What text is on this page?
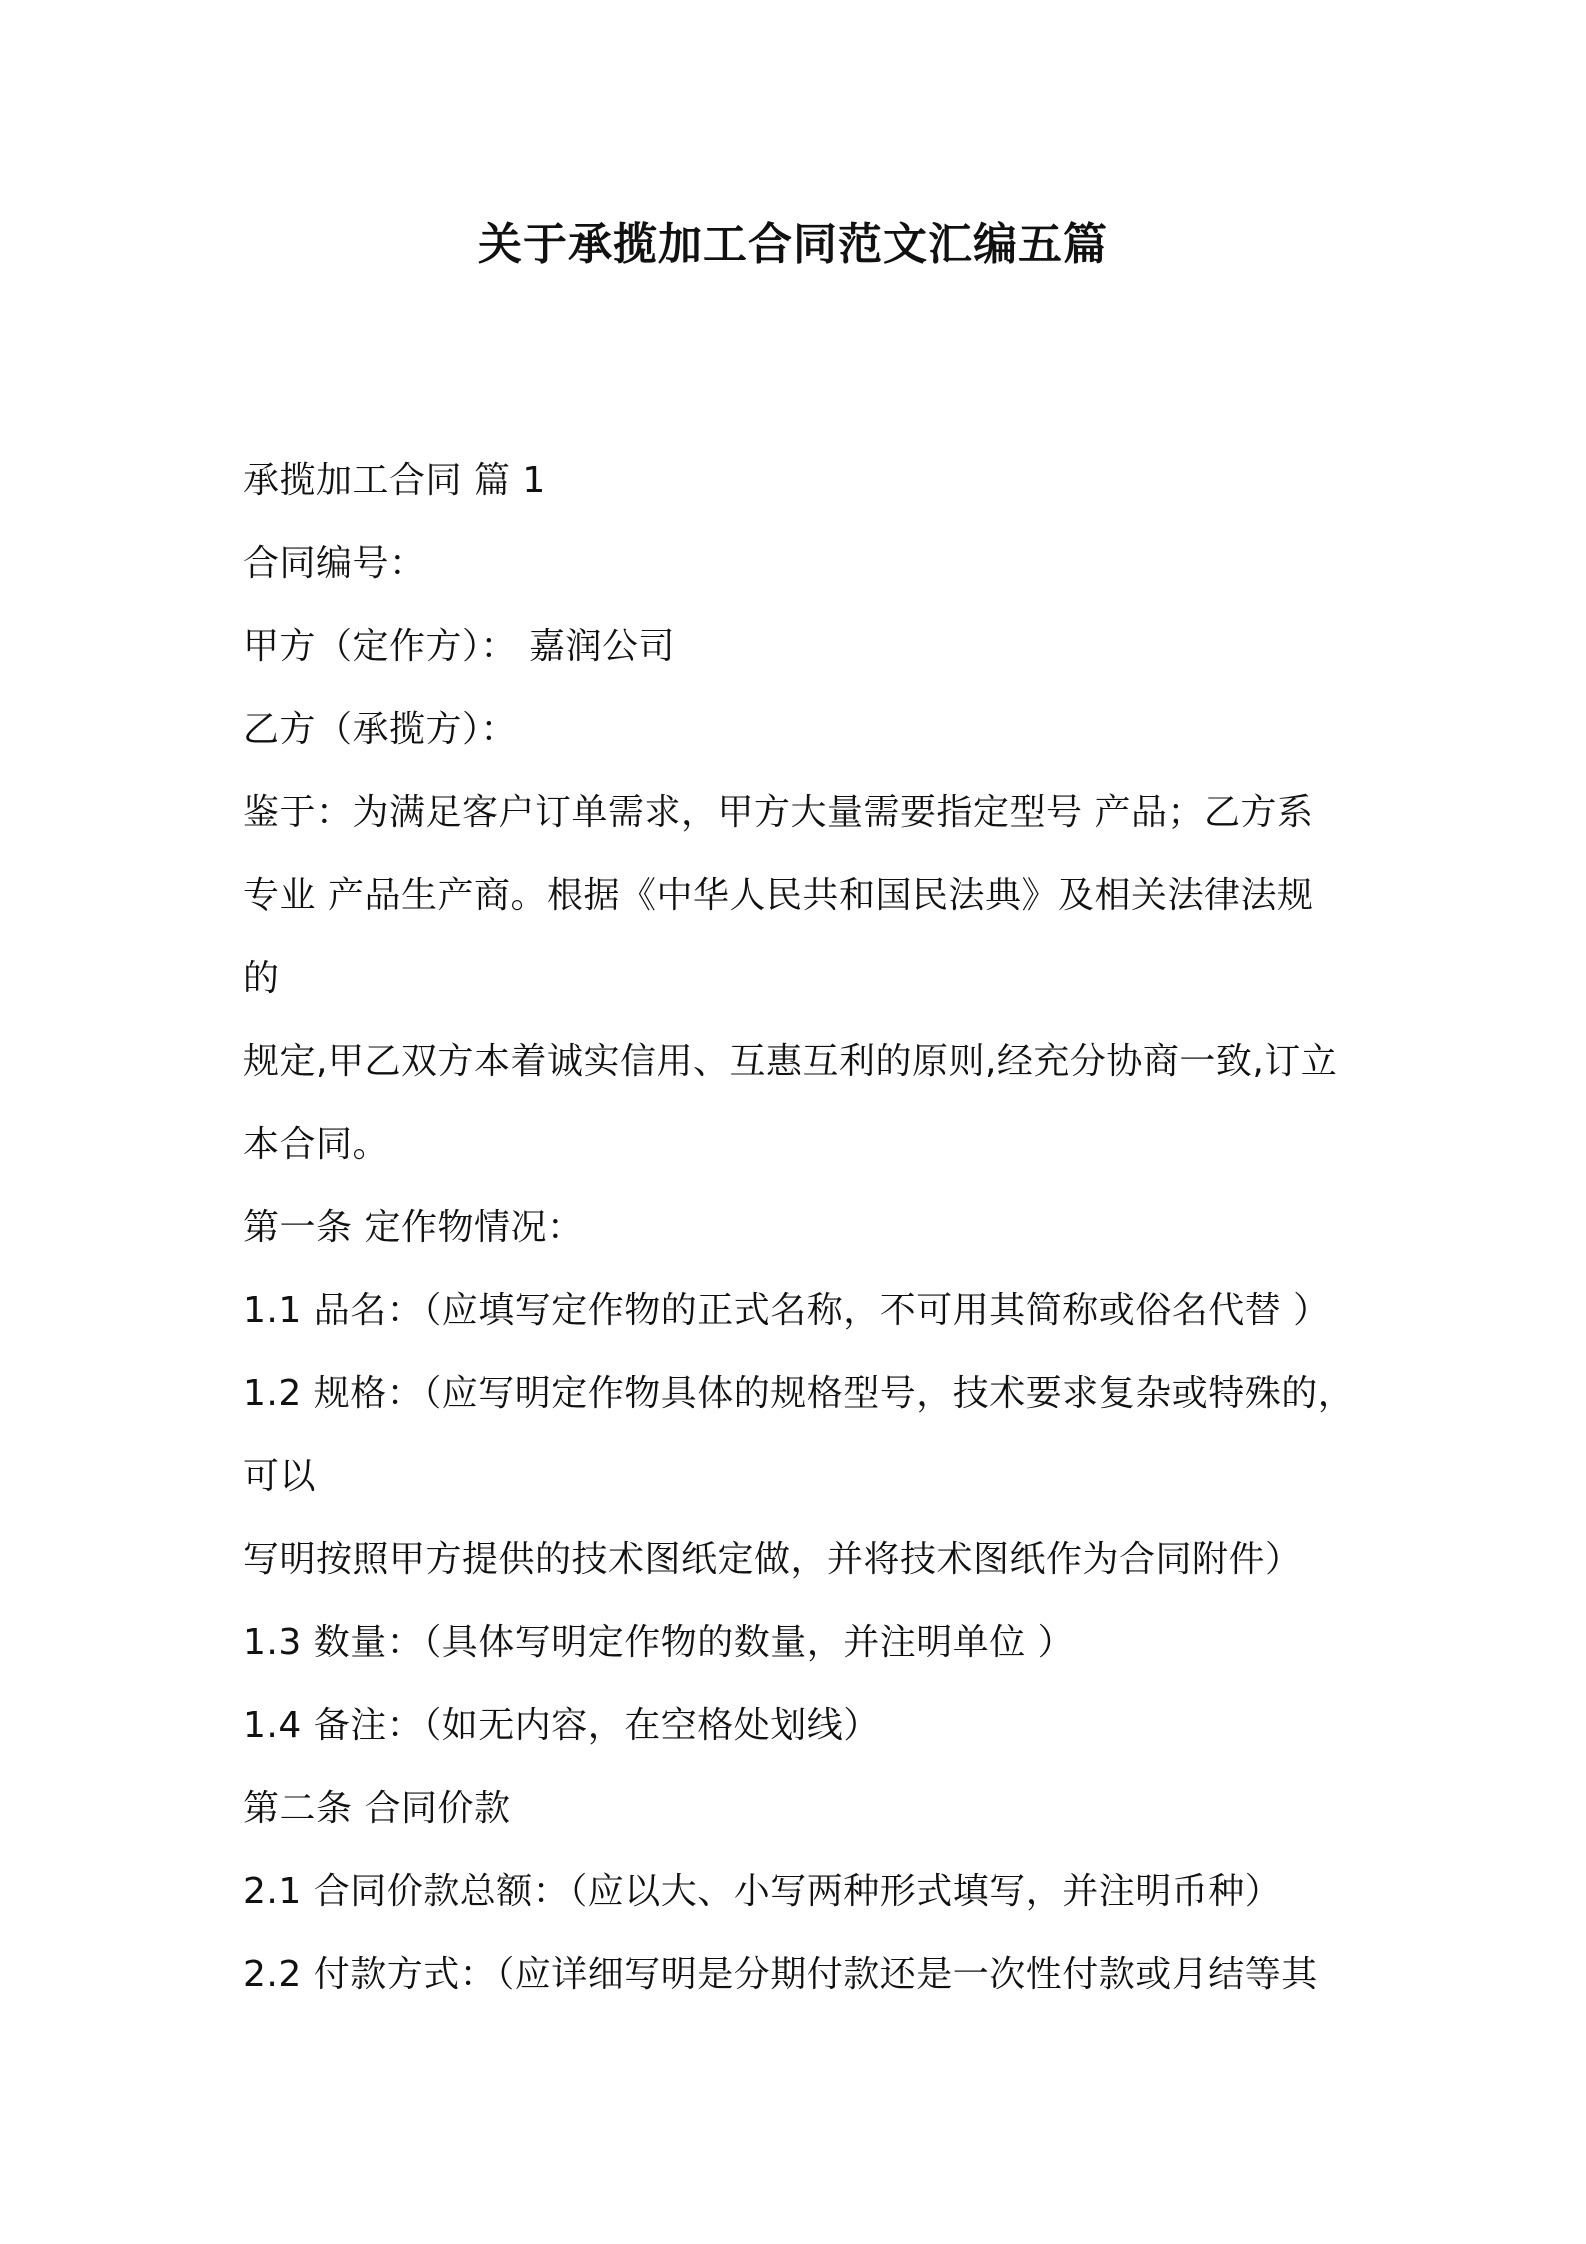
关于承揽加工合同范文汇编五篇
承揽加工合同 篇 1
合同编号：
甲方（定作方）： 嘉润公司
乙方（承揽方）：
鉴于：为满足客户订单需求，甲方大量需要指定型号 产品；乙方系
专业 产品生产商。根据《中华人民共和国民法典》及相关法律法规
的
规定,甲乙双方本着诚实信用、互惠互利的原则,经充分协商一致,订立
本合同。
第一条 定作物情况：
1.1 品名：（应填写定作物的正式名称，不可用其简称或俗名代替 ）
1.2 规格：（应写明定作物具体的规格型号，技术要求复杂或特殊的，
可以
写明按照甲方提供的技术图纸定做，并将技术图纸作为合同附件）
1.3 数量：（具体写明定作物的数量，并注明单位 ）
1.4 备注：（如无内容，在空格处划线）
第二条 合同价款
2.1 合同价款总额：（应以大、小写两种形式填写，并注明币种）
2.2 付款方式：（应详细写明是分期付款还是一次性付款或月结等其
